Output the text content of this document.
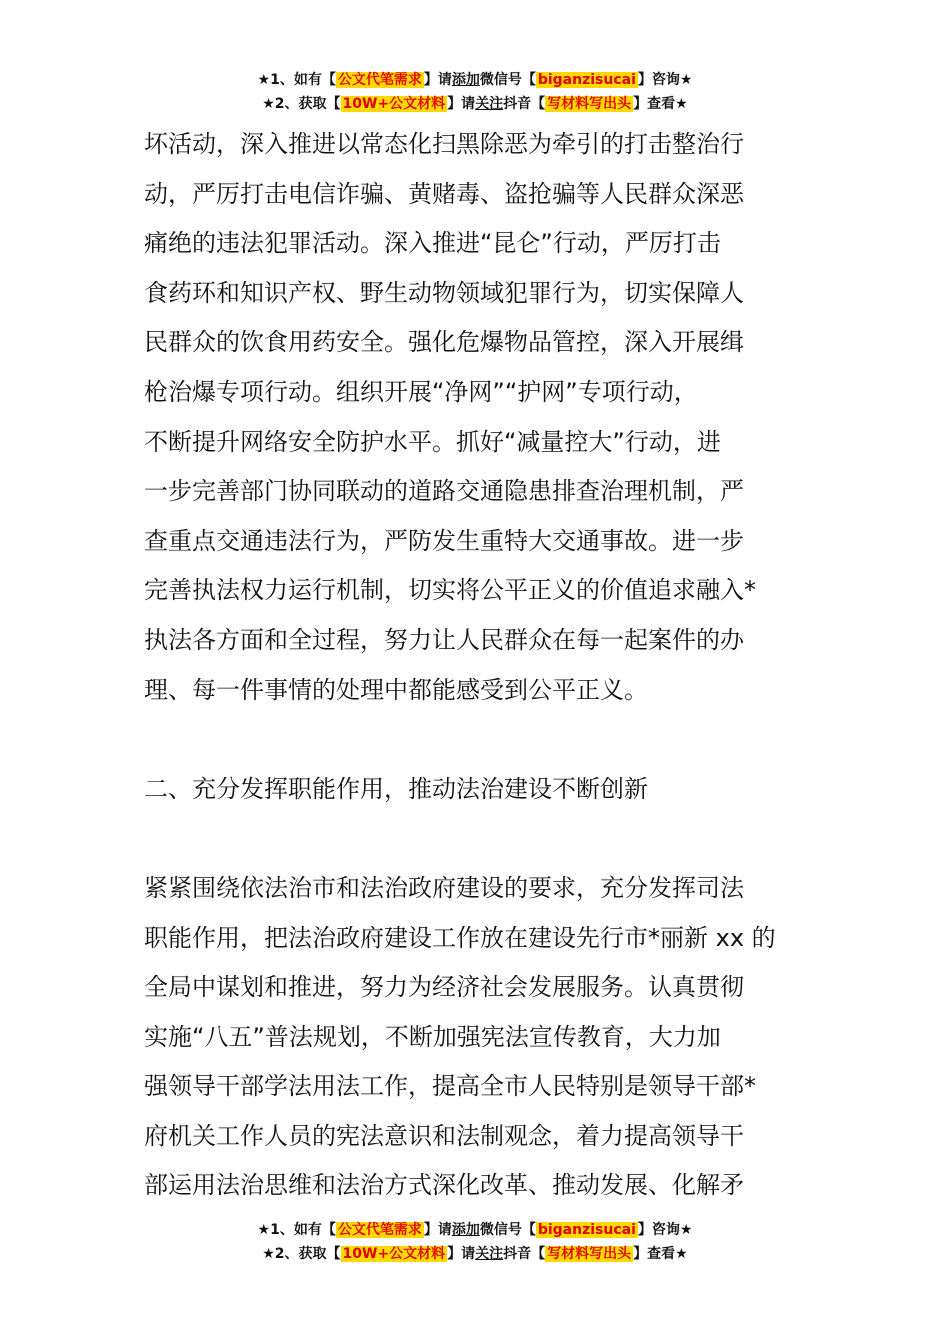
★1、如有【 公文代笔需求 】请添加微信号【 biganzisucai 】咨询★
★2、获取【 10W+公文材料 】请关注抖音【 写材料写出头 】查看★

坏活动，深入推进以常态化扫黑除恶为牵引的打击整治行

动，严厉打击电信诈骗、黄赌毒、盗抢骗等人民群众深恶

痛绝的违法犯罪活动。深入推进“昆仑”行动，严厉打击

食药环和知识产权、野生动物领域犯罪行为，切实保障人

民群众的饮食用药安全。强化危爆物品管控，深入开展缉

枪治爆专项行动。组织开展“净网”“护网”专项行动，

不断提升网络安全防护水平。抓好“减量控大”行动，进

一步完善部门协同联动的道路交通隐患排查治理机制，严

查重点交通违法行为，严防发生重特大交通事故。进一步

完善执法权力运行机制，切实将公平正义的价值追求融入*

执法各方面和全过程，努力让人民群众在每一起案件的办

理、每一件事情的处理中都能感受到公平正义。

二、充分发挥职能作用，推动法治建设不断创新

紧紧围绕依法治市和法治政府建设的要求，充分发挥司法

职能作用，把法治政府建设工作放在建设先行市*丽新 xx 的

全局中谋划和推进，努力为经济社会发展服务。认真贯彻

实施“八五”普法规划，不断加强宪法宣传教育，大力加

强领导干部学法用法工作，提高全市人民特别是领导干部*

府机关工作人员的宪法意识和法制观念，着力提高领导干

部运用法治思维和法治方式深化改革、推动发展、化解矛

★1、如有【 公文代笔需求 】请添加微信号【 biganzisucai 】咨询★
★2、获取【 10W+公文材料 】请关注抖音【 写材料写出头 】查看★
